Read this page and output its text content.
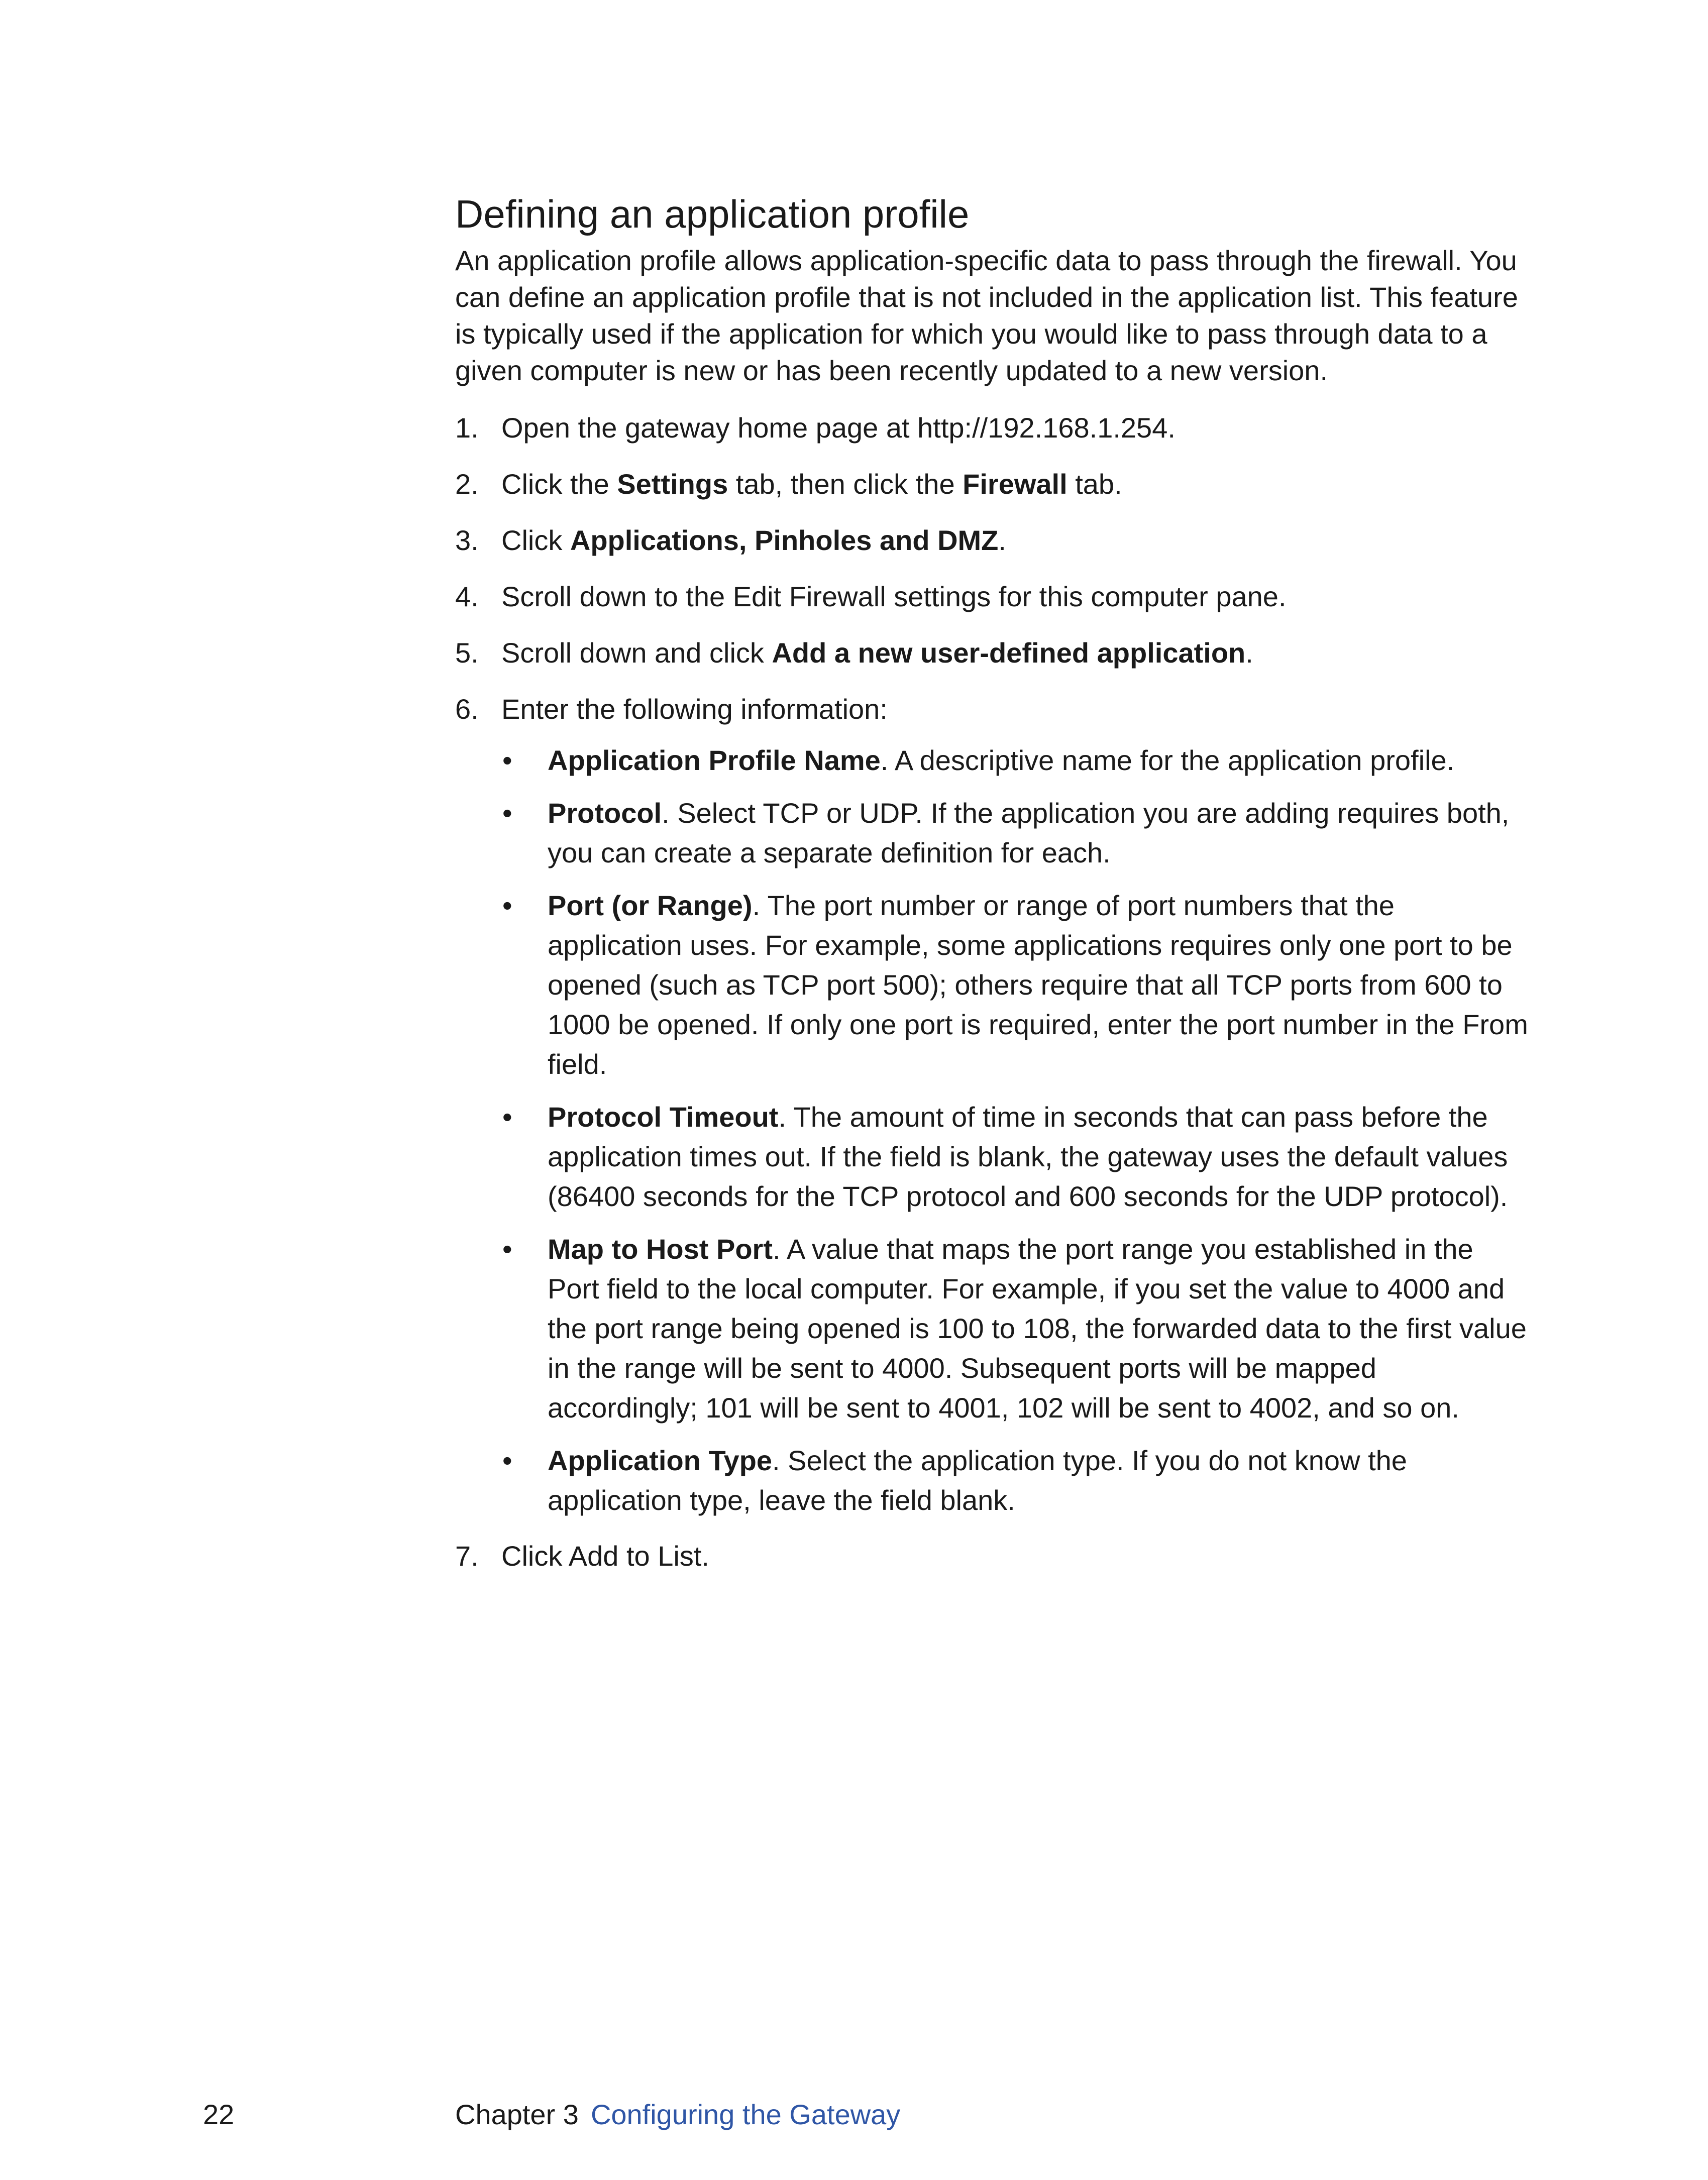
Defining an application profile

An application profile allows application-specific data to pass through the firewall. You can define an application profile that is not included in the application list. This feature is typically used if the application for which you would like to pass through data to a given computer is new or has been recently updated to a new version.

1. Open the gateway home page at http://192.168.1.254.
2. Click the Settings tab, then click the Firewall tab.
3. Click Applications, Pinholes and DMZ.
4. Scroll down to the Edit Firewall settings for this computer pane.
5. Scroll down and click Add a new user-defined application.
6. Enter the following information:
• Application Profile Name. A descriptive name for the application profile.
• Protocol. Select TCP or UDP. If the application you are adding requires both, you can create a separate definition for each.
• Port (or Range). The port number or range of port numbers that the application uses. For example, some applications requires only one port to be opened (such as TCP port 500); others require that all TCP ports from 600 to 1000 be opened. If only one port is required, enter the port number in the From field.
• Protocol Timeout. The amount of time in seconds that can pass before the application times out. If the field is blank, the gateway uses the default values (86400 seconds for the TCP protocol and 600 seconds for the UDP protocol).
• Map to Host Port. A value that maps the port range you established in the Port field to the local computer. For example, if you set the value to 4000 and the port range being opened is 100 to 108, the forwarded data to the first value in the range will be sent to 4000. Subsequent ports will be mapped accordingly; 101 will be sent to 4001, 102 will be sent to 4002, and so on.
• Application Type. Select the application type. If you do not know the application type, leave the field blank.
7. Click Add to List.
22	Chapter 3 Configuring the Gateway
